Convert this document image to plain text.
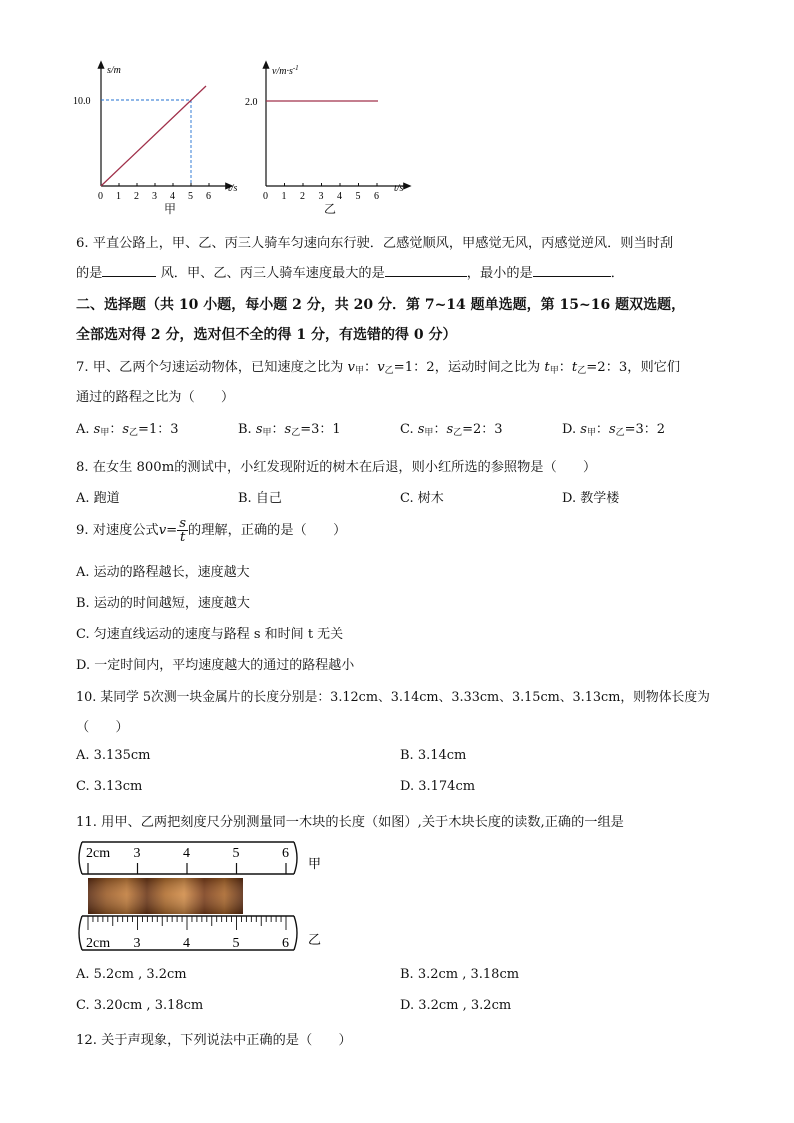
s/m
t/s
10.0
0 1 2 3 4 5 6
甲
$v/m\cdot s^{-1}$
t/s
2.0
0 1 2 3 4 5 6
乙
6. 平直公路上，甲、乙、丙三人骑车匀速向东行驶．乙感觉顺风，甲感觉无风，丙感觉逆风．则当时刮
的是	风．甲、乙、丙三人骑车速度最大的是	，最小的是	．
二、选择题（共 10 小题，每小题 2 分，共 20 分．第 7~14 题单选题，第 15~16 题双选题，
全部选对得 2 分，选对但不全的得 1 分，有选错的得 0 分）
7. 甲、乙两个匀速运动物体，已知速度之比为 $v_甲$：$v_乙=1$：2，运动时间之比为 $t_甲$：$t_乙=2$：3，则它们
通过的路程之比为（　　）
A. $s_甲$：$s_乙=1$：3	B. $s_甲$：$s_乙=3$：1	C. $s_甲$：$s_乙=2$：3	D. $s_甲$：$s_乙=3$：2
8. 在女生 800m的测试中，小红发现附近的树木在后退，则小红所选的参照物是（　　）
A. 跑道	B. 自己	C. 树木	D. 教学楼
9. 对速度公式$v= \frac{s}{t}$ 的理解，正确的是（　　）
A. 运动的路程越长，速度越大
B. 运动的时间越短，速度越大
C. 匀速直线运动的速度与路程 s 和时间 t 无关
D. 一定时间内，平均速度越大的通过的路程越小
10. 某同学 5次测一块金属片的长度分别是：3.12cm、3.14cm、3.33cm、3.15cm、3.13cm，则物体长度为
（　　）
A. 3.135cm	B. 3.14cm
C. 3.13cm	D. 3.174cm
11. 用甲、乙两把刻度尺分别测量同一木块的长度（如图）,关于木块长度的读数,正确的一组是
2cm 3	4	5	6
2cm 3	4	5	6
甲
乙
A. 5.2cm , 3.2cm	B. 3.2cm , 3.18cm
C. 3.20cm , 3.18cm	D. 3.2cm , 3.2cm
12. 关于声现象，下列说法中正确的是（　　）
